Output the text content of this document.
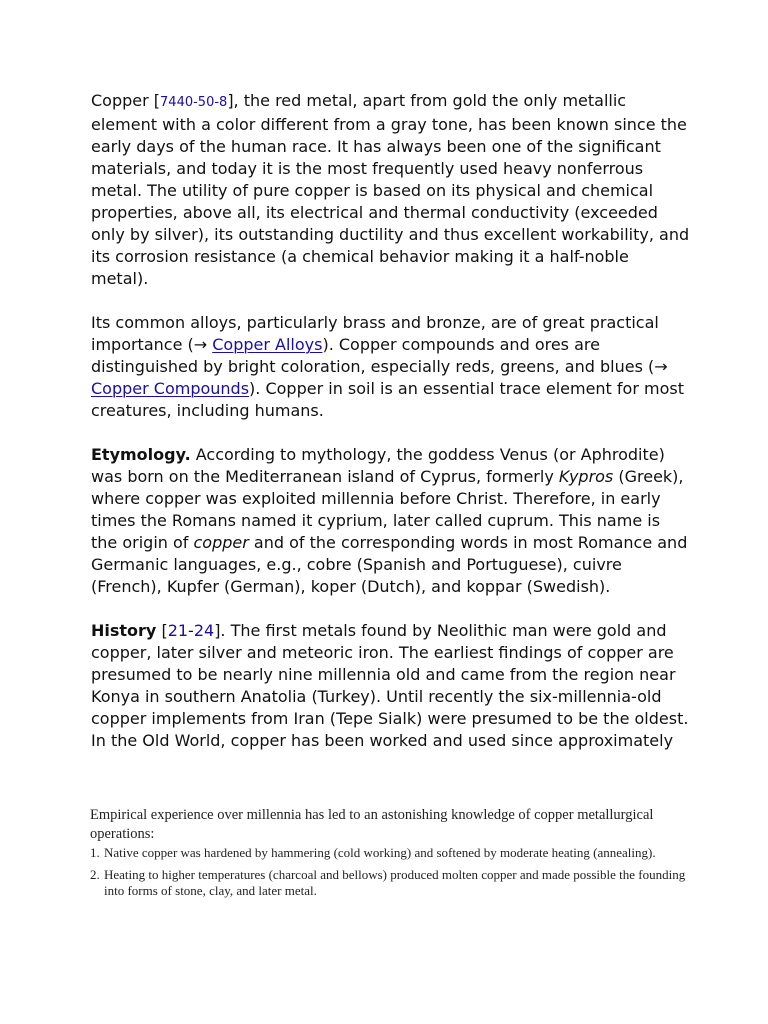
Copper [7440-50-8], the red metal, apart from gold the only metallic element with a color different from a gray tone, has been known since the early days of the human race. It has always been one of the significant materials, and today it is the most frequently used heavy nonferrous metal. The utility of pure copper is based on its physical and chemical properties, above all, its electrical and thermal conductivity (exceeded only by silver), its outstanding ductility and thus excellent workability, and its corrosion resistance (a chemical behavior making it a half-noble metal).

Its common alloys, particularly brass and bronze, are of great practical importance (→ Copper Alloys). Copper compounds and ores are distinguished by bright coloration, especially reds, greens, and blues (→ Copper Compounds). Copper in soil is an essential trace element for most creatures, including humans.

Etymology. According to mythology, the goddess Venus (or Aphrodite) was born on the Mediterranean island of Cyprus, formerly Kypros (Greek), where copper was exploited millennia before Christ. Therefore, in early times the Romans named it cyprium, later called cuprum. This name is the origin of copper and of the corresponding words in most Romance and Germanic languages, e.g., cobre (Spanish and Portuguese), cuivre (French), Kupfer (German), koper (Dutch), and koppar (Swedish).

History [21-24]. The first metals found by Neolithic man were gold and copper, later silver and meteoric iron. The earliest findings of copper are presumed to be nearly nine millennia old and came from the region near Konya in southern Anatolia (Turkey). Until recently the six-millennia-old copper implements from Iran (Tepe Sialk) were presumed to be the oldest. In the Old World, copper has been worked and used since approximately

Empirical experience over millennia has led to an astonishing knowledge of copper metallurgical operations:

1. Native copper was hardened by hammering (cold working) and softened by moderate heating (annealing).
2. Heating to higher temperatures (charcoal and bellows) produced molten copper and made possible the founding into forms of stone, clay, and later metal.
